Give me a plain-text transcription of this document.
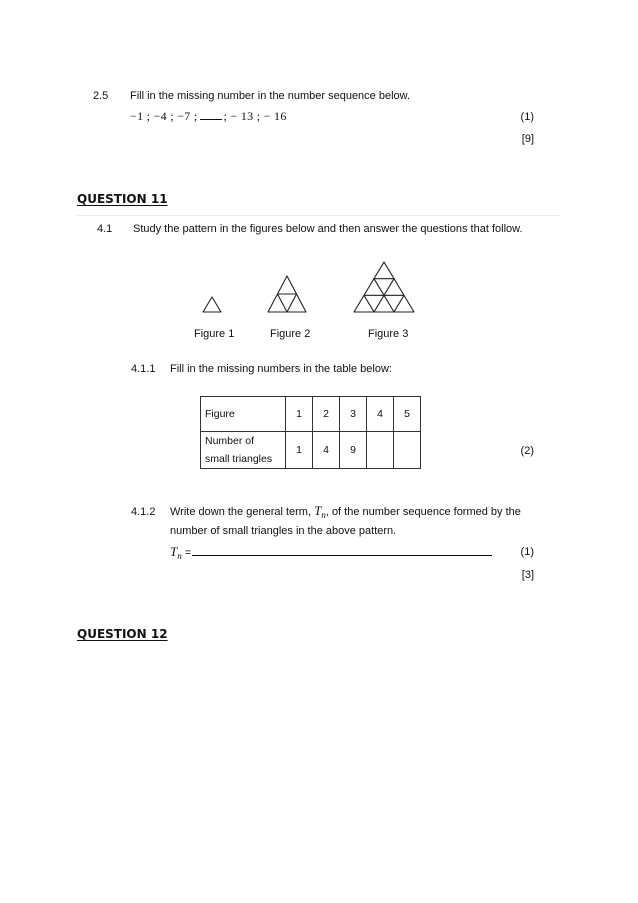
2.5 Fill in the missing number in the number sequence below.
−1 ; −4 ; −7 ; ; − 13 ; − 16	(1)
[9]
QUESTION 11
4.1 Study the pattern in the figures below and then answer the questions that follow.
Figure 1	Figure 2	Figure 3
4.1.1 Fill in the missing numbers in the table below:
Figure	1	2	3	4	5
Number of
small triangles	1	4	9			(2)
4.1.2 Write down the general term, $T_n$, of the number sequence formed by the
number of small triangles in the above pattern.
$T_n$ =	(1)
[3]
QUESTION 12
